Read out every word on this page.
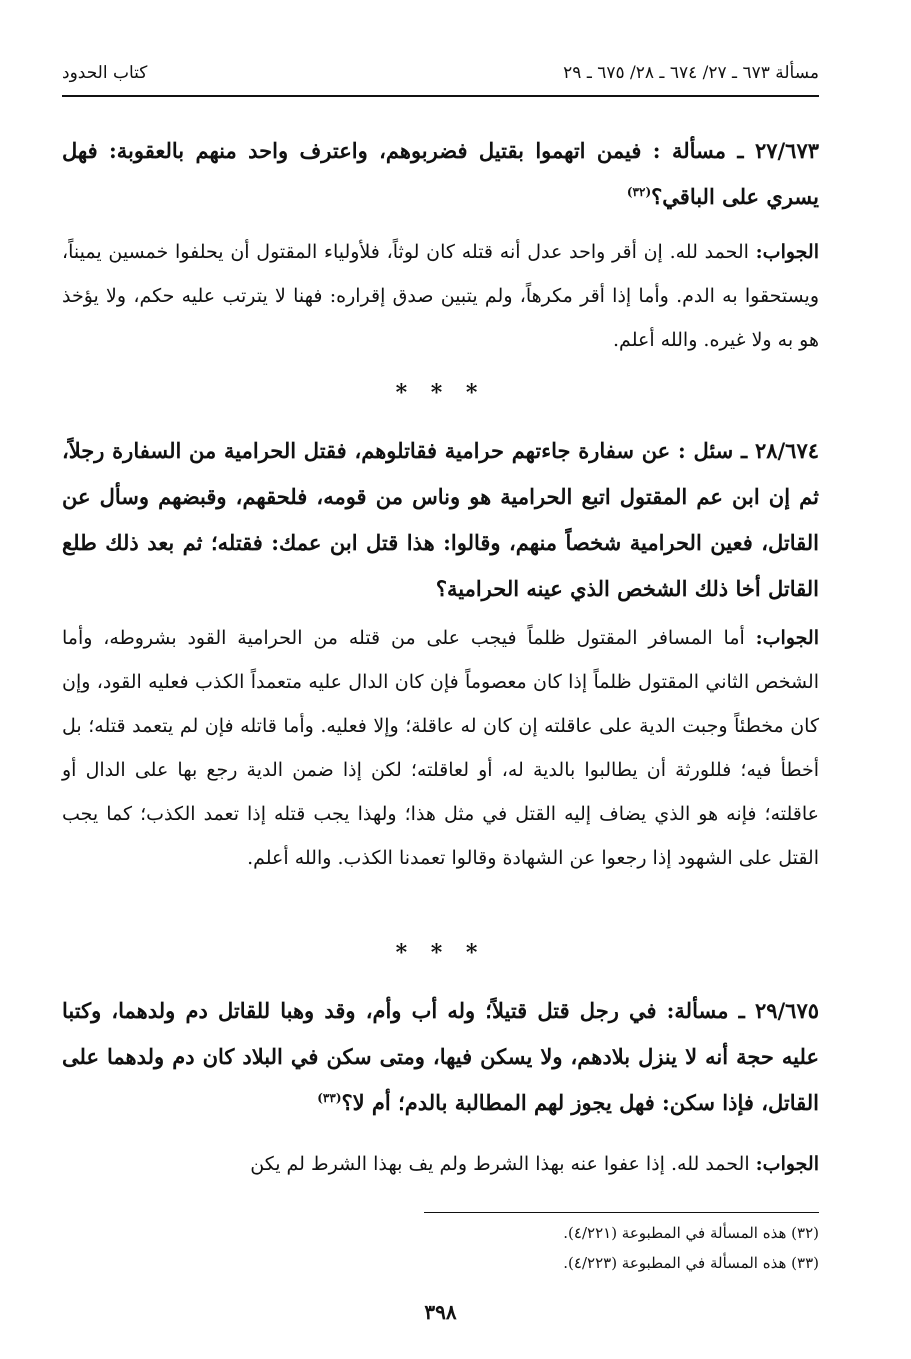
مسألة ٦٧٣ ـ ٢٧/ ٦٧٤ ـ ٢٨/ ٦٧٥ ـ ٢٩
كتاب الحدود

٢٧/٦٧٣ ـ مسألة : فيمن اتهموا بقتيل فضربوهم، واعترف واحد منهم بالعقوبة: فهل يسري على الباقي؟$^{(٣٢)}$

الجواب: الحمد لله. إن أقر واحد عدل أنه قتله كان لوثاً، فلأولياء المقتول أن يحلفوا خمسين يميناً، ويستحقوا به الدم. وأما إذا أقر مكرهاً، ولم يتبين صدق إقراره: فهنا لا يترتب عليه حكم، ولا يؤخذ هو به ولا غيره. والله أعلم.

* * *

٢٨/٦٧٤ ـ سئل : عن سفارة جاءتهم حرامية فقاتلوهم، فقتل الحرامية من السفارة رجلاً، ثم إن ابن عم المقتول اتبع الحرامية هو وناس من قومه، فلحقهم، وقبضهم وسأل عن القاتل، فعين الحرامية شخصاً منهم، وقالوا: هذا قتل ابن عمك: فقتله؛ ثم بعد ذلك طلع القاتل أخا ذلك الشخص الذي عينه الحرامية؟

الجواب: أما المسافر المقتول ظلماً فيجب على من قتله من الحرامية القود بشروطه، وأما الشخص الثاني المقتول ظلماً إذا كان معصوماً فإن كان الدال عليه متعمداً الكذب فعليه القود، وإن كان مخطئاً وجبت الدية على عاقلته إن كان له عاقلة؛ وإلا فعليه. وأما قاتله فإن لم يتعمد قتله؛ بل أخطأ فيه؛ فللورثة أن يطالبوا بالدية له، أو لعاقلته؛ لكن إذا ضمن الدية رجع بها على الدال أو عاقلته؛ فإنه هو الذي يضاف إليه القتل في مثل هذا؛ ولهذا يجب قتله إذا تعمد الكذب؛ كما يجب القتل على الشهود إذا رجعوا عن الشهادة وقالوا تعمدنا الكذب. والله أعلم.

* * *

٢٩/٦٧٥ ـ مسألة: في رجل قتل قتيلاً؛ وله أب وأم، وقد وهبا للقاتل دم ولدهما، وكتبا عليه حجة أنه لا ينزل بلادهم، ولا يسكن فيها، ومتى سكن في البلاد كان دم ولدهما على القاتل، فإذا سكن: فهل يجوز لهم المطالبة بالدم؛ أم لا؟$^{(٣٣)}$

الجواب: الحمد لله. إذا عفوا عنه بهذا الشرط ولم يف بهذا الشرط لم يكن

(٣٢) هذه المسألة في المطبوعة (٤/٢٢١).
(٣٣) هذه المسألة في المطبوعة (٤/٢٢٣).
٣٩٨
